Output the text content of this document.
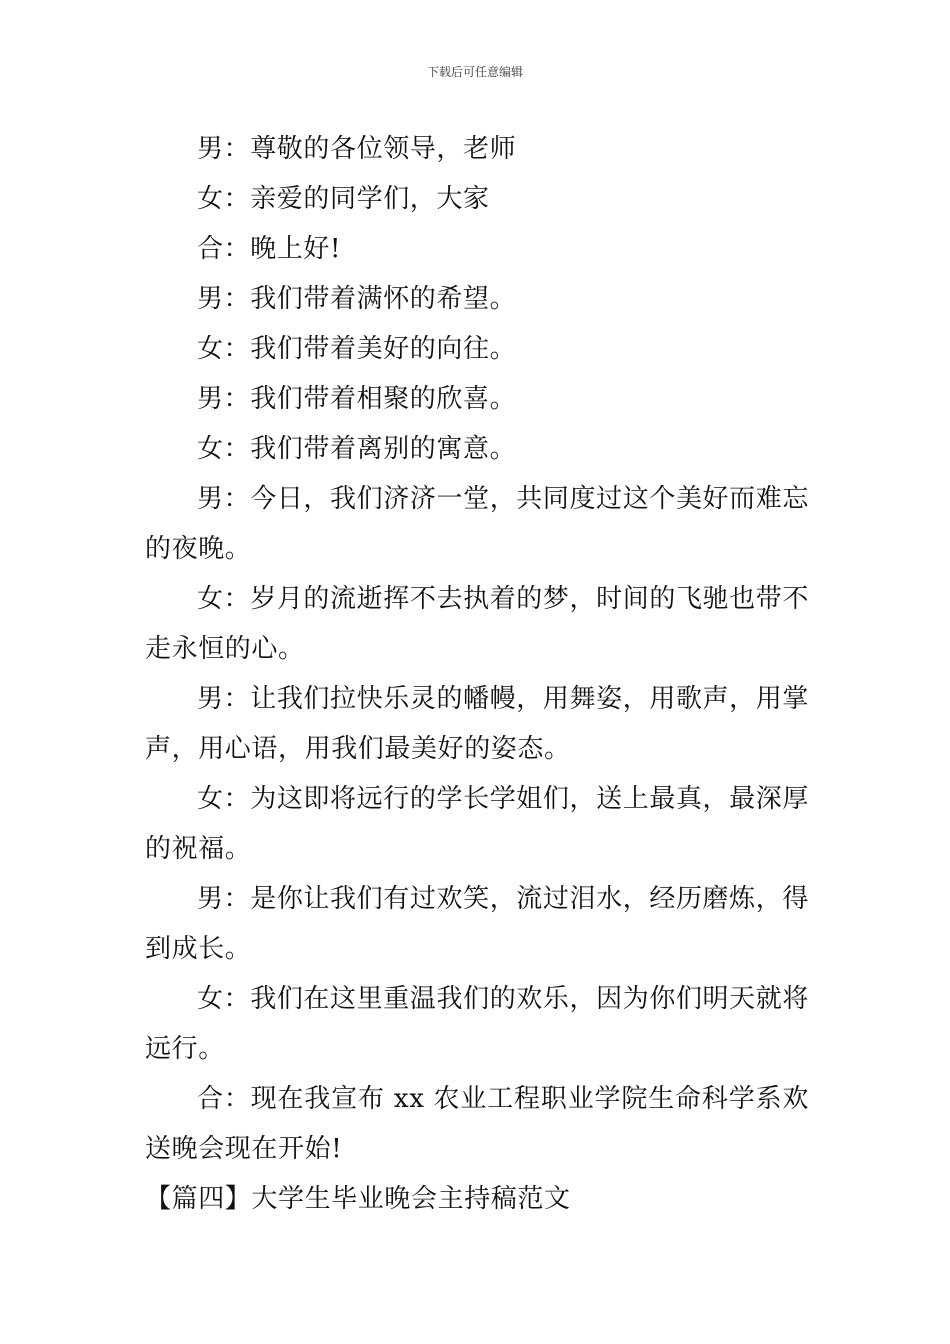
下载后可任意编辑

男：尊敬的各位领导，老师

女：亲爱的同学们，大家

合：晚上好!

男：我们带着满怀的希望。

女：我们带着美好的向往。

男：我们带着相聚的欣喜。

女：我们带着离别的寓意。

男：今日，我们济济一堂，共同度过这个美好而难忘的夜晚。

女：岁月的流逝挥不去执着的梦，时间的飞驰也带不走永恒的心。

男：让我们拉快乐灵的幡幔，用舞姿，用歌声，用掌声，用心语，用我们最美好的姿态。

女：为这即将远行的学长学姐们，送上最真，最深厚的祝福。

男：是你让我们有过欢笑，流过泪水，经历磨炼，得到成长。

女：我们在这里重温我们的欢乐，因为你们明天就将远行。

合：现在我宣布 xx 农业工程职业学院生命科学系欢送晚会现在开始!

【篇四】大学生毕业晚会主持稿范文
